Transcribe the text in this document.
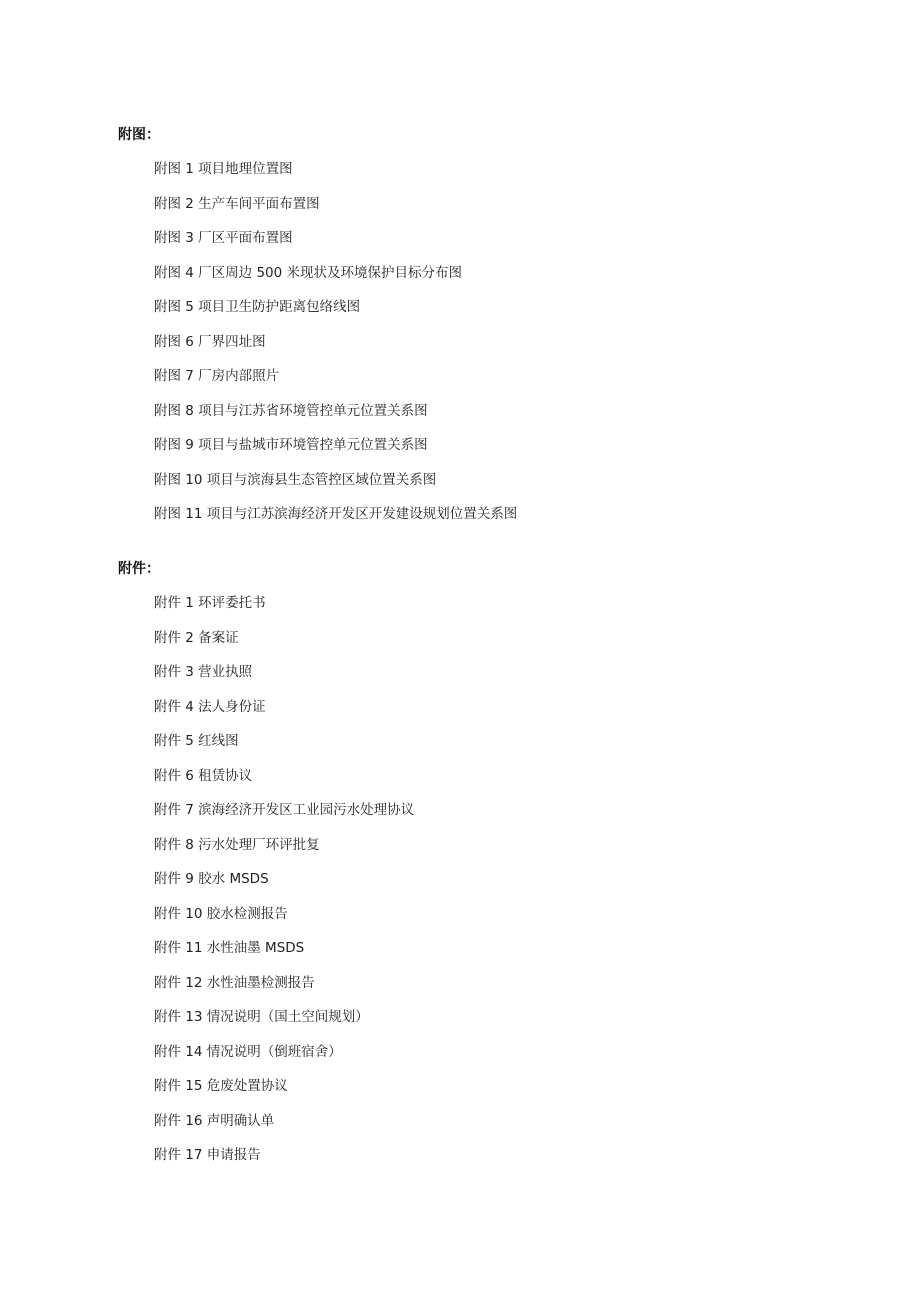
附图：
附图 1 项目地理位置图
附图 2 生产车间平面布置图
附图 3 厂区平面布置图
附图 4 厂区周边 500 米现状及环境保护目标分布图
附图 5 项目卫生防护距离包络线图
附图 6 厂界四址图
附图 7 厂房内部照片
附图 8 项目与江苏省环境管控单元位置关系图
附图 9 项目与盐城市环境管控单元位置关系图
附图 10 项目与滨海县生态管控区域位置关系图
附图 11 项目与江苏滨海经济开发区开发建设规划位置关系图
附件：
附件 1 环评委托书
附件 2 备案证
附件 3 营业执照
附件 4 法人身份证
附件 5 红线图
附件 6 租赁协议
附件 7 滨海经济开发区工业园污水处理协议
附件 8 污水处理厂环评批复
附件 9 胶水 MSDS
附件 10 胶水检测报告
附件 11 水性油墨 MSDS
附件 12 水性油墨检测报告
附件 13 情况说明（国土空间规划）
附件 14 情况说明（倒班宿舍）
附件 15 危废处置协议
附件 16 声明确认单
附件 17 申请报告
